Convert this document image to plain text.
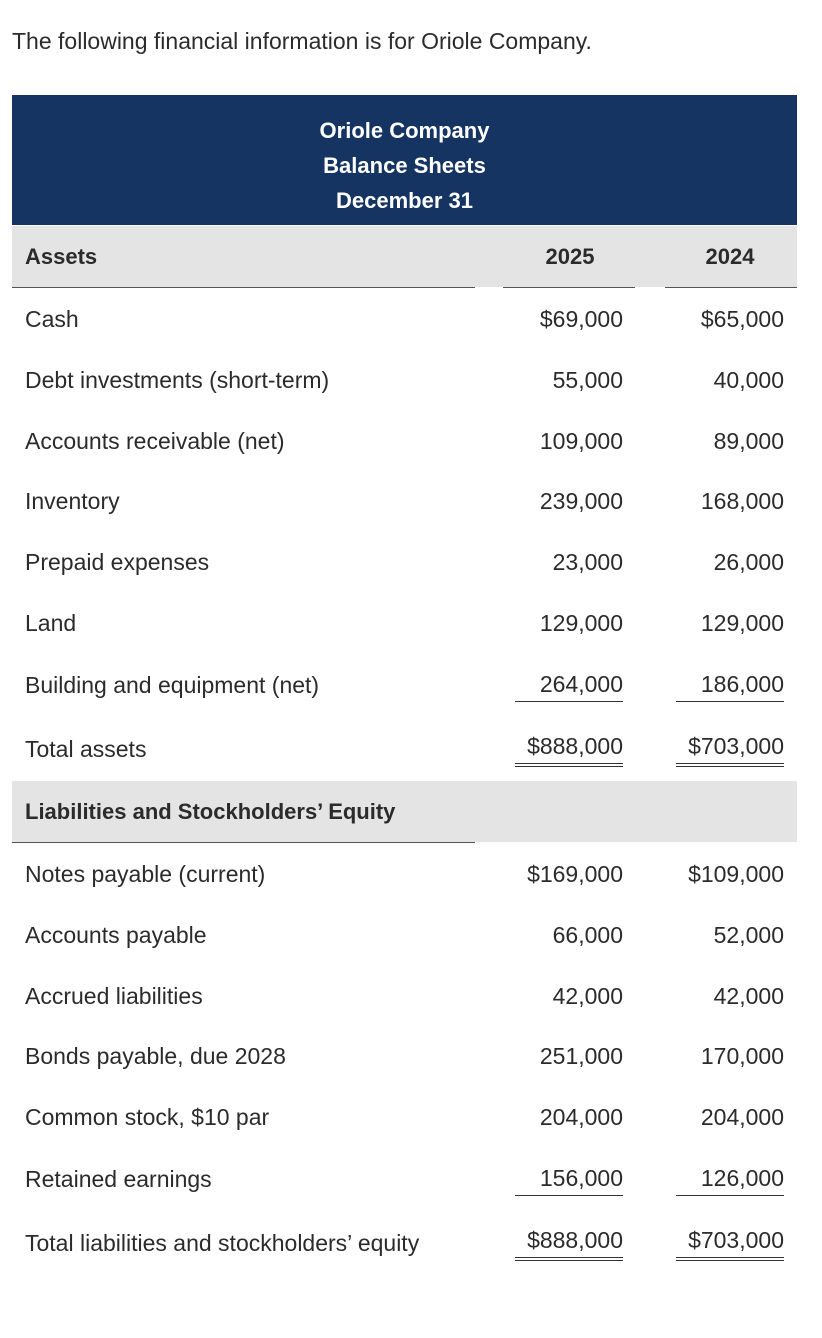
The following financial information is for Oriole Company.
Oriole Company
Balance Sheets
December 31
Assets	2025	2024
Cash	$69,000	$65,000
Debt investments (short-term)	55,000	40,000
Accounts receivable (net)	109,000	89,000
Inventory	239,000	168,000
Prepaid expenses	23,000	26,000
Land	129,000	129,000
Building and equipment (net)	264,000	186,000
Total assets	$888,000	$703,000
Liabilities and Stockholders’ Equity
Notes payable (current)	$169,000	$109,000
Accounts payable	66,000	52,000
Accrued liabilities	42,000	42,000
Bonds payable, due 2028	251,000	170,000
Common stock, $10 par	204,000	204,000
Retained earnings	156,000	126,000
Total liabilities and stockholders’ equity	$888,000	$703,000
